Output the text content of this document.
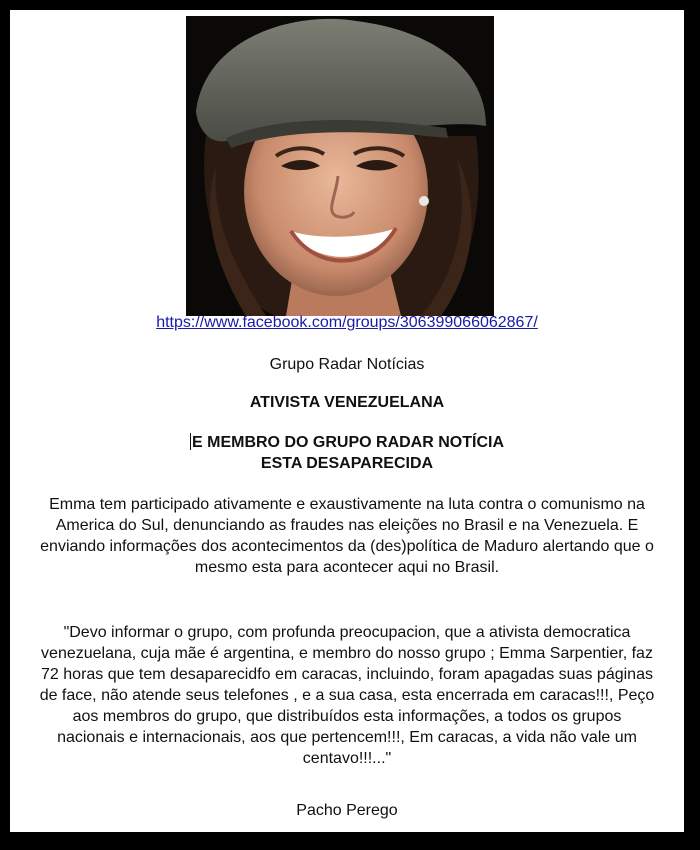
https://www.facebook.com/groups/306399066062867/
Grupo Radar Notícias
ATIVISTA VENEZUELANA
E MEMBRO DO GRUPO RADAR NOTÍCIA
ESTA DESAPARECIDA
Emma tem participado ativamente e exaustivamente na luta contra o comunismo na America do Sul, denunciando as fraudes nas eleições no Brasil e na Venezuela. E enviando informações dos acontecimentos da (des)política de Maduro alertando que o mesmo esta para acontecer aqui no Brasil.
"Devo informar o grupo, com profunda preocupacion, que a ativista democratica venezuelana, cuja mãe é argentina, e membro do nosso grupo ; Emma Sarpentier, faz 72 horas que tem desaparecidfo em caracas, incluindo, foram apagadas suas páginas de face, não atende seus telefones , e a sua casa, esta encerrada em caracas!!!, Peço aos membros do grupo, que distribuídos esta informações, a todos os grupos nacionais e internacionais, aos que pertencem!!!, Em caracas, a vida não vale um centavo!!!..."
Pacho Perego
